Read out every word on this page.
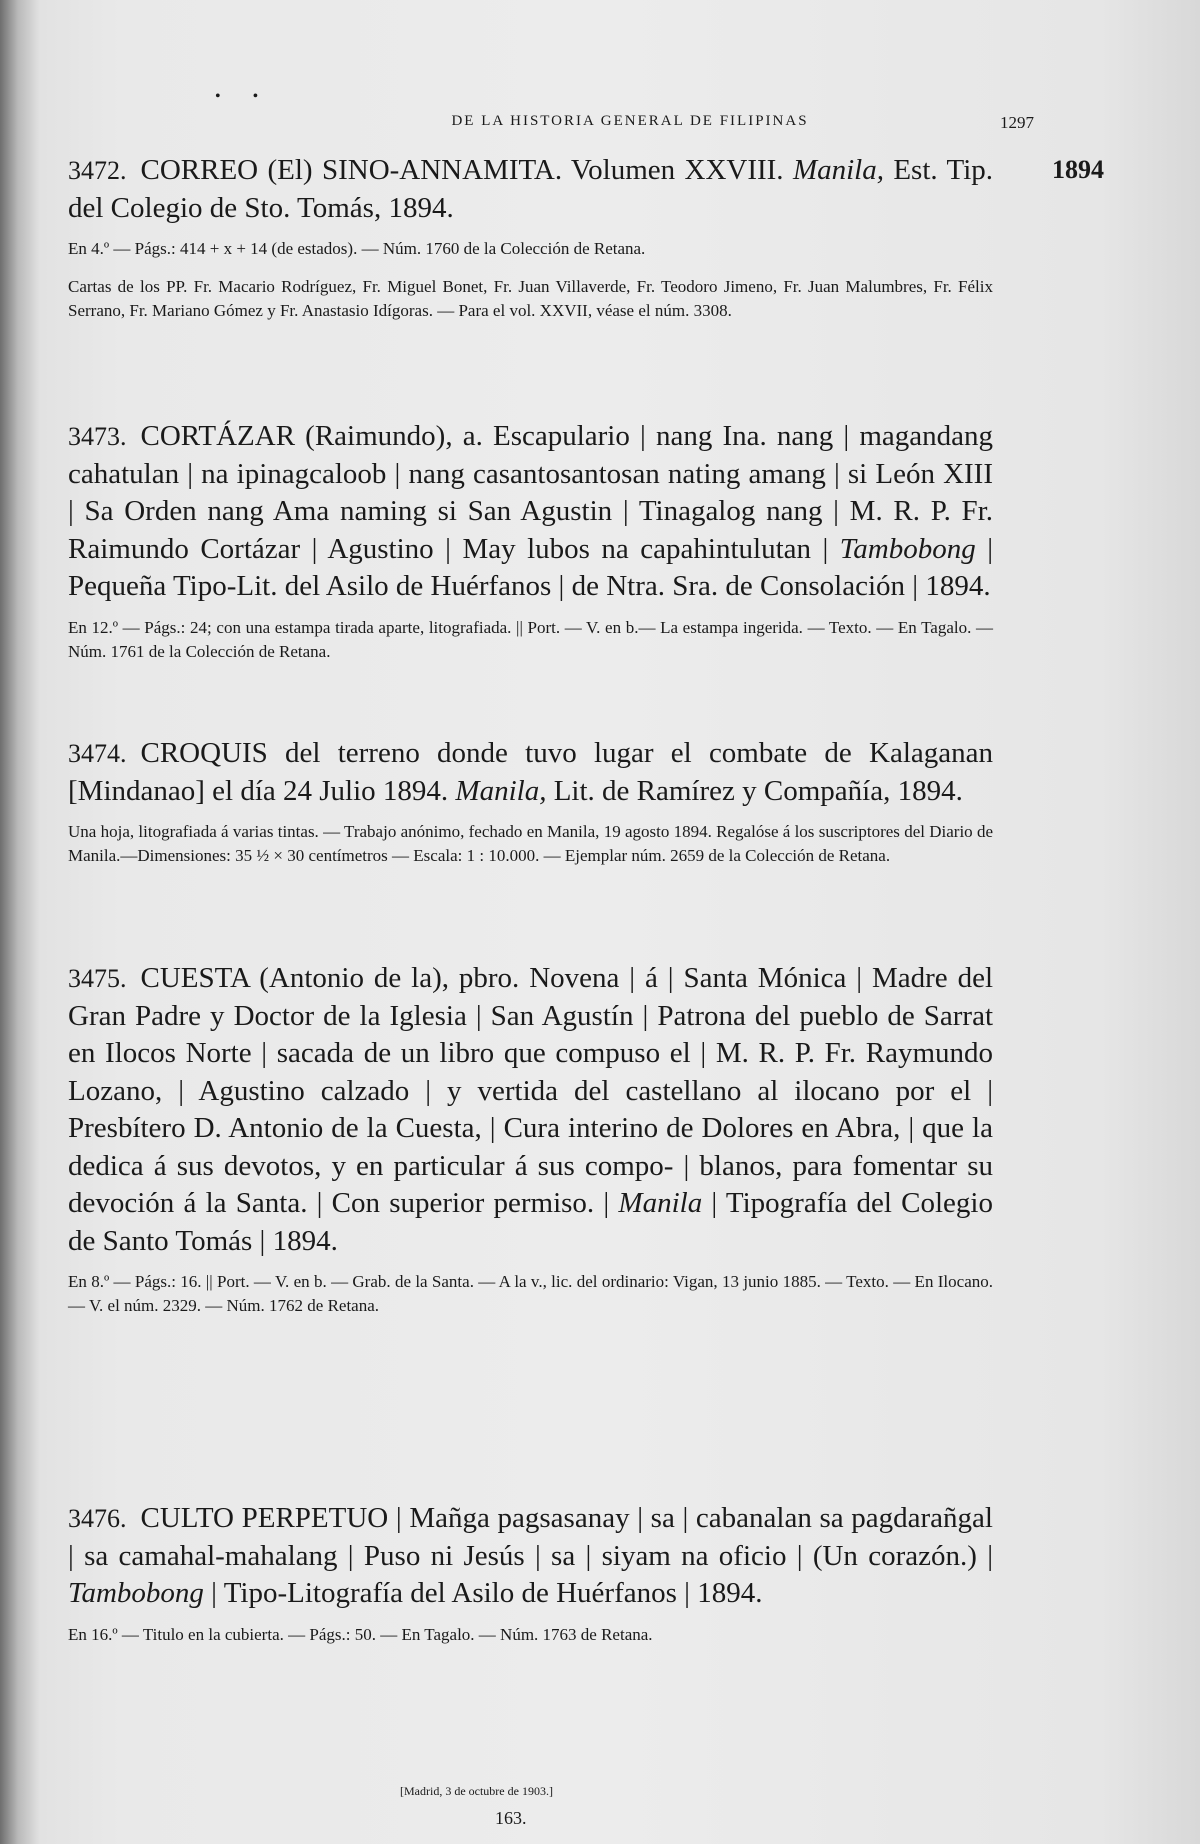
• •
DE LA HISTORIA GENERAL DE FILIPINAS	1297
1894
3472. CORREO (El) SINO-ANNAMITA. Volumen XXVIII. Manila, Est. Tip. del Colegio de Sto. Tomás, 1894.

En 4.º — Págs.: 414 + x + 14 (de estados). — Núm. 1760 de la Colección de Retana.

Cartas de los PP. Fr. Macario Rodríguez, Fr. Miguel Bonet, Fr. Juan Villaverde, Fr. Teodoro Jimeno, Fr. Juan Malumbres, Fr. Félix Serrano, Fr. Mariano Gómez y Fr. Anastasio Idígoras. — Para el vol. XXVII, véase el núm. 3308.

3473. CORTÁZAR (Raimundo), a. Escapulario | nang Ina. nang | magandang cahatulan | na ipinagcaloob | nang casantosantosan nating amang | si León XIII | Sa Orden nang Ama naming si San Agustin | Tinagalog nang | M. R. P. Fr. Raimundo Cortázar | Agustino | May lubos na capahintulutan | Tambobong | Pequeña Tipo-Lit. del Asilo de Huérfanos | de Ntra. Sra. de Consolación | 1894.

En 12.º — Págs.: 24; con una estampa tirada aparte, litografiada. || Port. — V. en b.— La estampa ingerida. — Texto. — En Tagalo. — Núm. 1761 de la Colección de Retana.

3474. CROQUIS del terreno donde tuvo lugar el combate de Kalaganan [Mindanao] el día 24 Julio 1894. Manila, Lit. de Ramírez y Compañía, 1894.

Una hoja, litografiada á varias tintas. — Trabajo anónimo, fechado en Manila, 19 agosto 1894. Regalóse á los suscriptores del Diario de Manila.—Dimensiones: 35 ½ × 30 centímetros — Escala: 1 : 10.000. — Ejemplar núm. 2659 de la Colección de Retana.

3475. CUESTA (Antonio de la), pbro. Novena | á | Santa Mónica | Madre del Gran Padre y Doctor de la Iglesia | San Agustín | Patrona del pueblo de Sarrat en Ilocos Norte | sacada de un libro que compuso el | M. R. P. Fr. Raymundo Lozano, | Agustino calzado | y vertida del castellano al ilocano por el | Presbítero D. Antonio de la Cuesta, | Cura interino de Dolores en Abra, | que la dedica á sus devotos, y en particular á sus compo- | blanos, para fomentar su devoción á la Santa. | Con superior permiso. | Manila | Tipografía del Colegio de Santo Tomás | 1894.

En 8.º — Págs.: 16. || Port. — V. en b. — Grab. de la Santa. — A la v., lic. del ordinario: Vigan, 13 junio 1885. — Texto. — En Ilocano. — V. el núm. 2329. — Núm. 1762 de Retana.

3476. CULTO PERPETUO | Mañga pagsasanay | sa | cabanalan sa pagdarañgal | sa camahal-mahalang | Puso ni Jesús | sa | siyam na oficio | (Un corazón.) | Tambobong | Tipo-Litografía del Asilo de Huérfanos | 1894.

En 16.º — Titulo en la cubierta. — Págs.: 50. — En Tagalo. — Núm. 1763 de Retana.

[Madrid, 3 de octubre de 1903.]
163.
